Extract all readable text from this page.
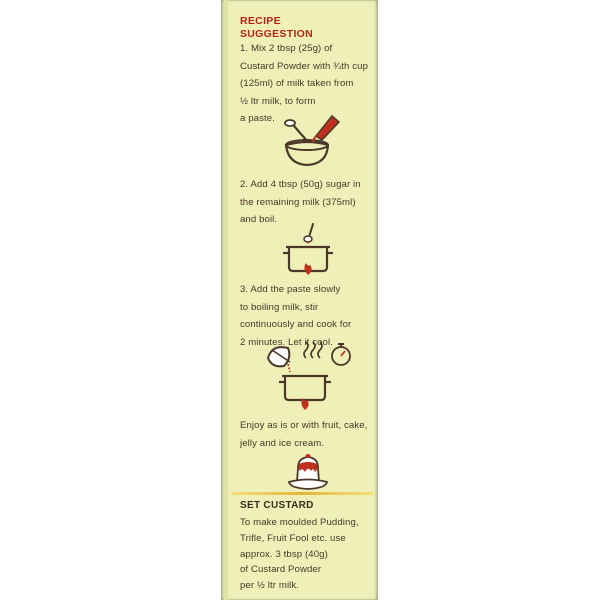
RECIPE
SUGGESTION
1. Mix 2 tbsp (25g) of
Custard Powder with ¾th cup
(125ml) of milk taken from
½ ltr milk, to form
a paste.
2. Add 4 tbsp (50g) sugar in
the remaining milk (375ml)
and boil.
3. Add the paste slowly
to boiling milk, stir
continuously and cook for
2 minutes. Let it cool.
Enjoy as is or with fruit, cake,
jelly and ice cream.
SET CUSTARD
To make moulded Pudding,
Trifle, Fruit Fool etc. use
approx. 3 tbsp (40g)
of Custard Powder
per ½ ltr milk.
